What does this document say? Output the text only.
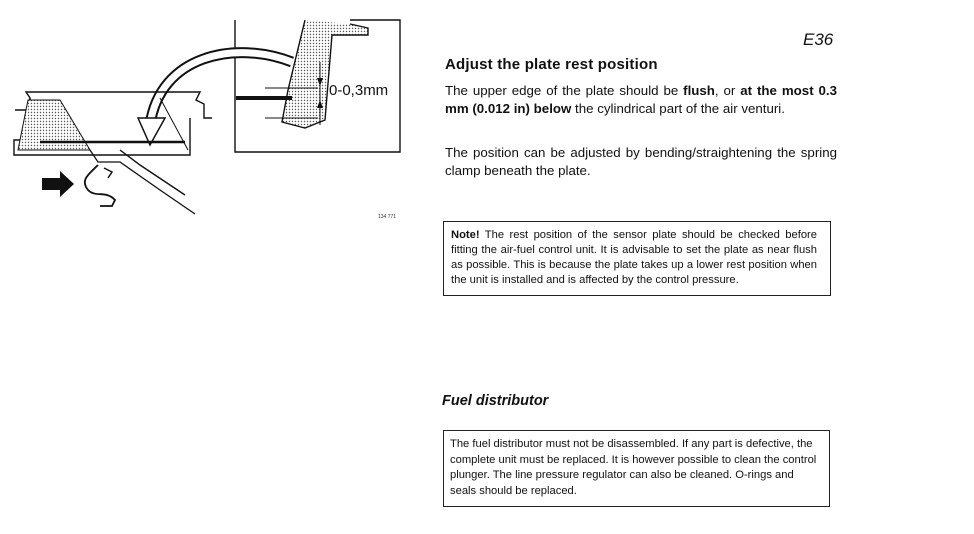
0-0,3mm
134 771
E36
Adjust the plate rest position

The upper edge of the plate should be flush, or at the most 0.3 mm (0.012 in) below the cylindrical part of the air venturi.

The position can be adjusted by bending/straightening the spring clamp beneath the plate.

Note! The rest position of the sensor plate should be checked before fitting the air-fuel control unit. It is advisable to set the plate as near flush as possible. This is because the plate takes up a lower rest position when the unit is installed and is affected by the control pressure.
Fuel distributor
The fuel distributor must not be disassembled. If any part is defective, the complete unit must be replaced. It is however possible to clean the control plunger. The line pressure regulator can also be cleaned. O-rings and seals should be replaced.
